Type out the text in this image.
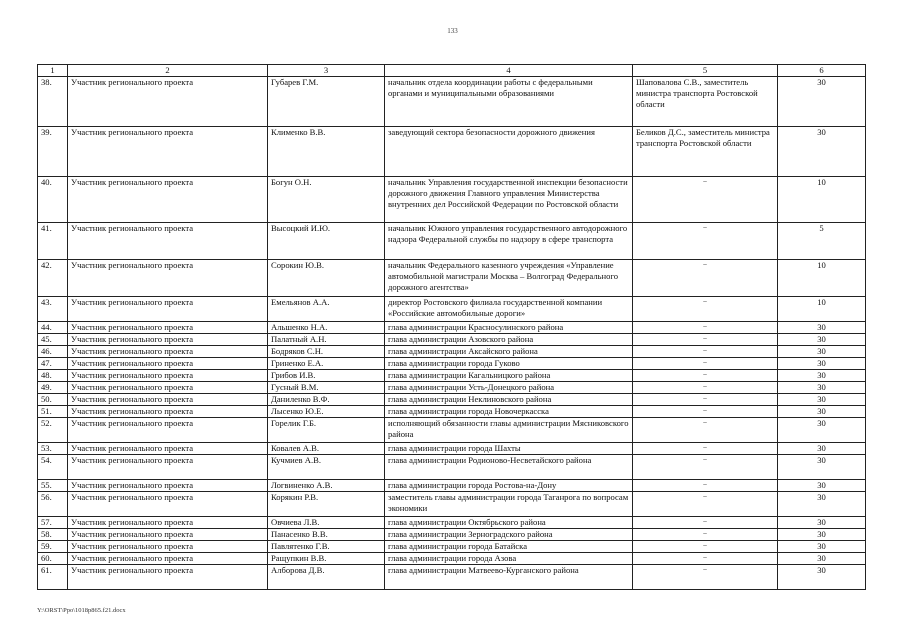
133
1	2	3	4	5	6
38.	Участник регионального проекта	Губарев Г.М.	начальник отдела координации работы с федеральными органами и муниципальными образованиями	Шаповалова С.В., заместитель министра транспорта Ростовской области	30
39.	Участник регионального проекта	Клименко В.В.	заведующий сектора безопасности дорожного движения	Беликов Д.С., заместитель министра транспорта Ростовской области	30
40.	Участник регионального проекта	Богун О.Н.	начальник Управления государственной инспекции безопасности дорожного движения Главного управления Министерства внутренних дел Российской Федерации по Ростовской области	–	10
41.	Участник регионального проекта	Высоцкий И.Ю.	начальник Южного управления государственного автодорожного надзора Федеральной службы по надзору в сфере транспорта	–	5
42.	Участник регионального проекта	Сорокин Ю.В.	начальник Федерального казенного учреждения «Управление автомобильной магистрали Москва – Волгоград Федерального дорожного агентства»	–	10
43.	Участник регионального проекта	Емельянов А.А.	директор Ростовского филиала государственной компании «Российские автомобильные дороги»	–	10
44.	Участник регионального проекта	Альшенко Н.А.	глава администрации Красносулинского района	–	30
45.	Участник регионального проекта	Палатный А.Н.	глава администрации Азовского района	–	30
46.	Участник регионального проекта	Бодряков С.Н.	глава администрации Аксайского района	–	30
47.	Участник регионального проекта	Гриненко Е.А.	глава администрации города Гуково	–	30
48.	Участник регионального проекта	Грибов И.В.	глава администрации Кагальницкого района	–	30
49.	Участник регионального проекта	Гусный В.М.	глава администрации Усть-Донецкого района	–	30
50.	Участник регионального проекта	Даниленко В.Ф.	глава администрации Неклиновского района	–	30
51.	Участник регионального проекта	Лысенко Ю.Е.	глава администрации города Новочеркасска	–	30
52.	Участник регионального проекта	Горелик Г.Б.	исполняющий обязанности главы администрации Мясниковского района	–	30
53.	Участник регионального проекта	Ковалев А.В.	глава администрации города Шахты	–	30
54.	Участник регионального проекта	Кучмиев А.В.	глава администрации Родионово-Несветайского района	–	30
55.	Участник регионального проекта	Логвиненко А.В.	глава администрации города Ростова-на-Дону	–	30
56.	Участник регионального проекта	Корякин Р.В.	заместитель главы администрации города Таганрога по вопросам экономики	–	30
57.	Участник регионального проекта	Овчиева Л.В.	глава администрации Октябрьского района	–	30
58.	Участник регионального проекта	Панасенко В.В.	глава администрации Зерноградского района	–	30
59.	Участник регионального проекта	Павлятенко Г.В.	глава администрации города Батайска	–	30
60.	Участник регионального проекта	Ращупкин В.В.	глава администрации города Азова	–	30
61.	Участник регионального проекта	Алборова Д.В.	глава администрации Матвеево-Курганского района	–	30
Y:\ORST\Ppo\1018p865.f21.docx
